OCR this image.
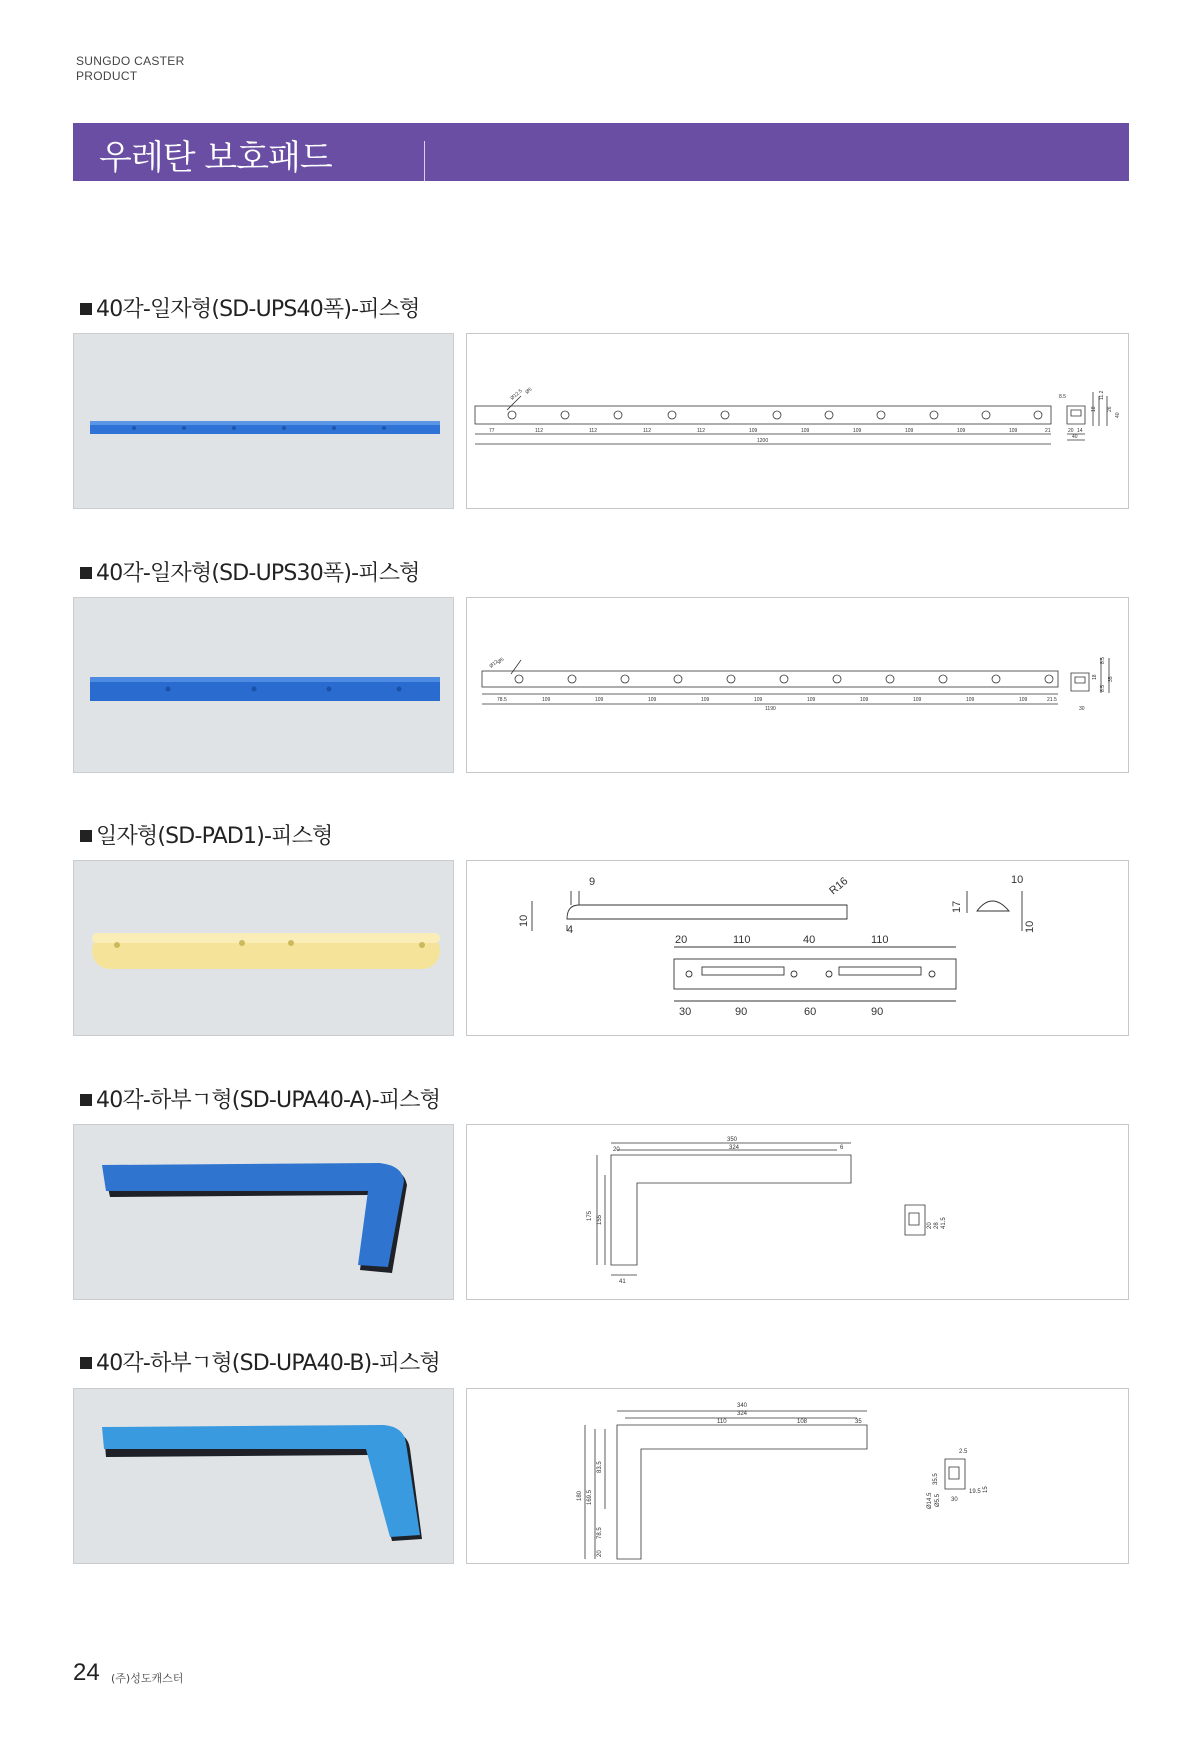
SUNGDO CASTER
PRODUCT
우레탄 보호패드
40각-일자형(SD-UPS40폭)-피스형
77	112	112	112	112	109	109	109	109	109	109	21
1200
Ø12.5 Ø5
8.5	11.2
18 26
40
20 14
40
40각-일자형(SD-UPS30폭)-피스형
78.5	109	109	109	109	109	109	109	109	109	109	21.5
1190
Ø12
Ø5	8.5
18 35
8.5
30
일자형(SD-PAD1)-피스형
9	R16
10
4
20	110	40	110
30	90	60	90
10
17
10
40각-하부ㄱ형(SD-UPA40-A)-피스형
350
324
20	6
175 155
41
20 28 41.5
40각-하부ㄱ형(SD-UPA40-B)-피스형
340
324
110	108	35
180 169.5
83.5
78.5
20
2.5
35.5
Ø14.5 Ø5.5 30
19.5 15
24 (주)성도캐스터
